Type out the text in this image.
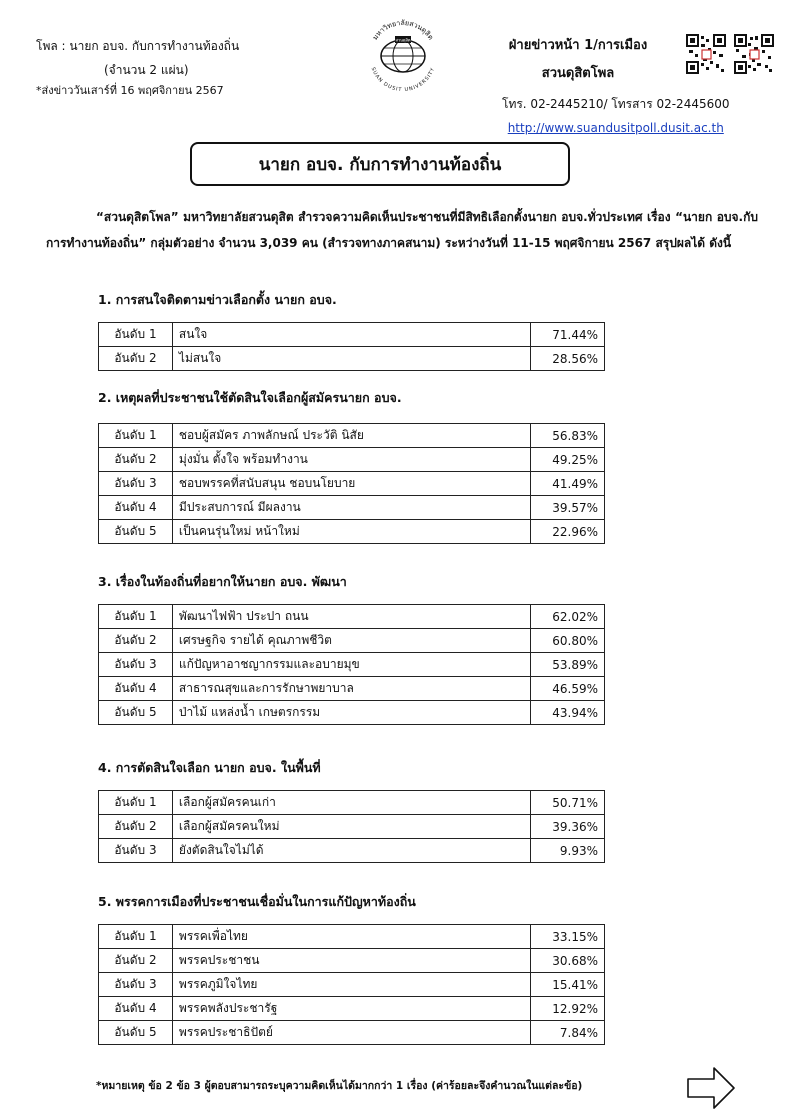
โพล : นายก อบจ. กับการทำงานท้องถิ่น
(จำนวน 2 แผ่น)
*ส่งข่าววันเสาร์ที่ 16 พฤศจิกายน 2567
มหาวิทยาลัยสวนดุสิต
SUAN DUSIT UNIVERSITY
สวนดุสิต	ฝ่ายข่าวหน้า 1/การเมือง
สวนดุสิตโพล
โทร. 02-2445210/ โทรสาร 02-2445600
http://www.suandusitpoll.dusit.ac.th
นายก อบจ. กับการทำงานท้องถิ่น

“สวนดุสิตโพล” มหาวิทยาลัยสวนดุสิต สำรวจความคิดเห็นประชาชนที่มีสิทธิเลือกตั้งนายก อบจ.ทั่วประเทศ เรื่อง “นายก อบจ.กับการทำงานท้องถิ่น” กลุ่มตัวอย่าง จำนวน 3,039 คน (สำรวจทางภาคสนาม) ระหว่างวันที่ 11-15 พฤศจิกายน 2567 สรุปผลได้ ดังนี้

1. การสนใจติดตามข่าวเลือกตั้ง นายก อบจ.
อันดับ 1	สนใจ	71.44%
อันดับ 2	ไม่สนใจ	28.56%
2. เหตุผลที่ประชาชนใช้ตัดสินใจเลือกผู้สมัครนายก อบจ.
อันดับ 1	ชอบผู้สมัคร ภาพลักษณ์ ประวัติ นิสัย	56.83%
อันดับ 2	มุ่งมั่น ตั้งใจ พร้อมทำงาน	49.25%
อันดับ 3	ชอบพรรคที่สนับสนุน ชอบนโยบาย	41.49%
อันดับ 4	มีประสบการณ์ มีผลงาน	39.57%
อันดับ 5	เป็นคนรุ่นใหม่ หน้าใหม่	22.96%
3. เรื่องในท้องถิ่นที่อยากให้นายก อบจ. พัฒนา
อันดับ 1	พัฒนาไฟฟ้า ประปา ถนน	62.02%
อันดับ 2	เศรษฐกิจ รายได้ คุณภาพชีวิต	60.80%
อันดับ 3	แก้ปัญหาอาชญากรรมและอบายมุข	53.89%
อันดับ 4	สาธารณสุขและการรักษาพยาบาล	46.59%
อันดับ 5	ป่าไม้ แหล่งน้ำ เกษตรกรรม	43.94%
4. การตัดสินใจเลือก นายก อบจ. ในพื้นที่
อันดับ 1	เลือกผู้สมัครคนเก่า	50.71%
อันดับ 2	เลือกผู้สมัครคนใหม่	39.36%
อันดับ 3	ยังตัดสินใจไม่ได้	9.93%
5. พรรคการเมืองที่ประชาชนเชื่อมั่นในการแก้ปัญหาท้องถิ่น
อันดับ 1	พรรคเพื่อไทย	33.15%
อันดับ 2	พรรคประชาชน	30.68%
อันดับ 3	พรรคภูมิใจไทย	15.41%
อันดับ 4	พรรคพลังประชารัฐ	12.92%
อันดับ 5	พรรคประชาธิปัตย์	7.84%
*หมายเหตุ ข้อ 2 ข้อ 3 ผู้ตอบสามารถระบุความคิดเห็นได้มากกว่า 1 เรื่อง (ค่าร้อยละจึงคำนวณในแต่ละข้อ)
